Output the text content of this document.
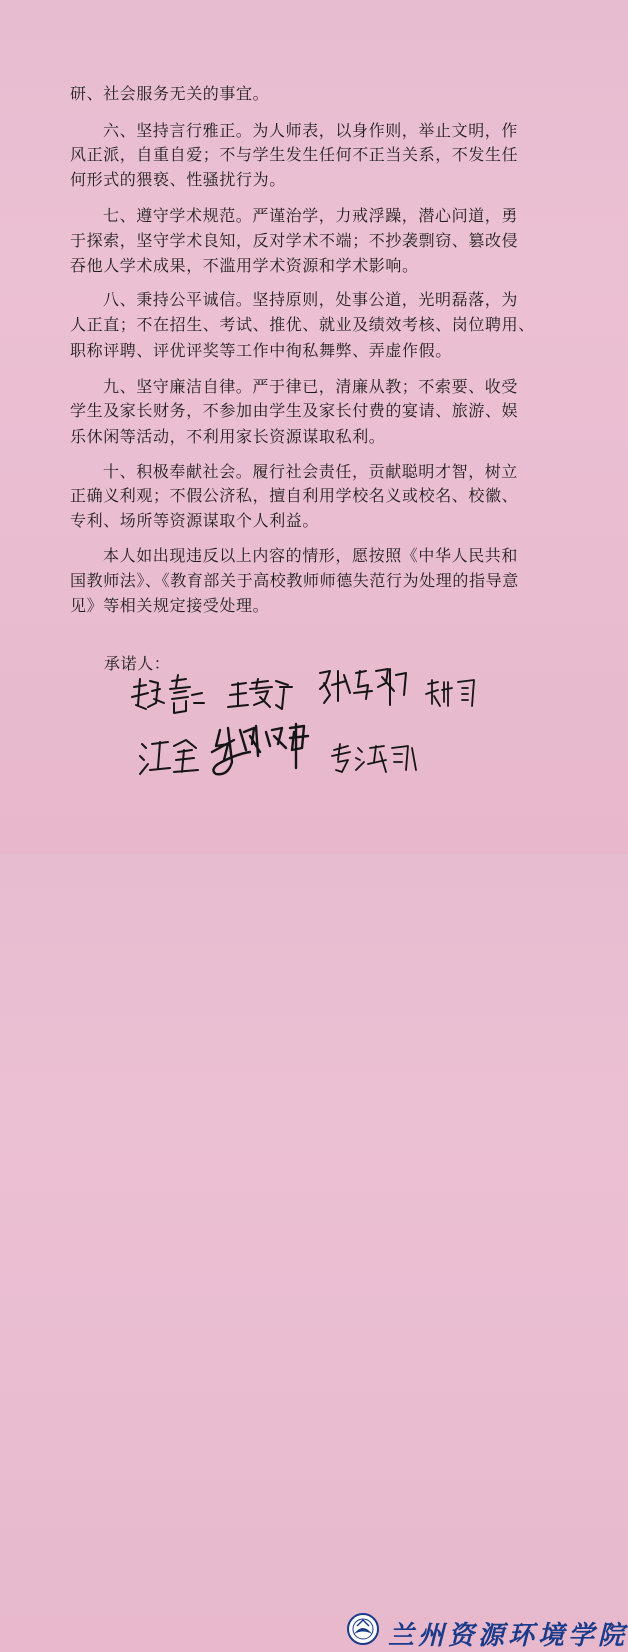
研、社会服务无关的事宜。
六、坚持言行雅正。为人师表，以身作则，举止文明，作
风正派，自重自爱；不与学生发生任何不正当关系，不发生任
何形式的猥亵、性骚扰行为。
七、遵守学术规范。严谨治学，力戒浮躁，潜心问道，勇
于探索，坚守学术良知，反对学术不端；不抄袭剽窃、篡改侵
吞他人学术成果，不滥用学术资源和学术影响。
八、秉持公平诚信。坚持原则，处事公道，光明磊落，为
人正直；不在招生、考试、推优、就业及绩效考核、岗位聘用、
职称评聘、评优评奖等工作中徇私舞弊、弄虚作假。
九、坚守廉洁自律。严于律已，清廉从教；不索要、收受
学生及家长财务，不参加由学生及家长付费的宴请、旅游、娱
乐休闲等活动，不利用家长资源谋取私利。
十、积极奉献社会。履行社会责任，贡献聪明才智，树立
正确义利观；不假公济私，擅自利用学校名义或校名、校徽、
专利、场所等资源谋取个人利益。
本人如出现违反以上内容的情形，愿按照《中华人民共和
国教师法》、《教育部关于高校教师师德失范行为处理的指导意
见》等相关规定接受处理。
承诺人：
兰州资源环境学院
